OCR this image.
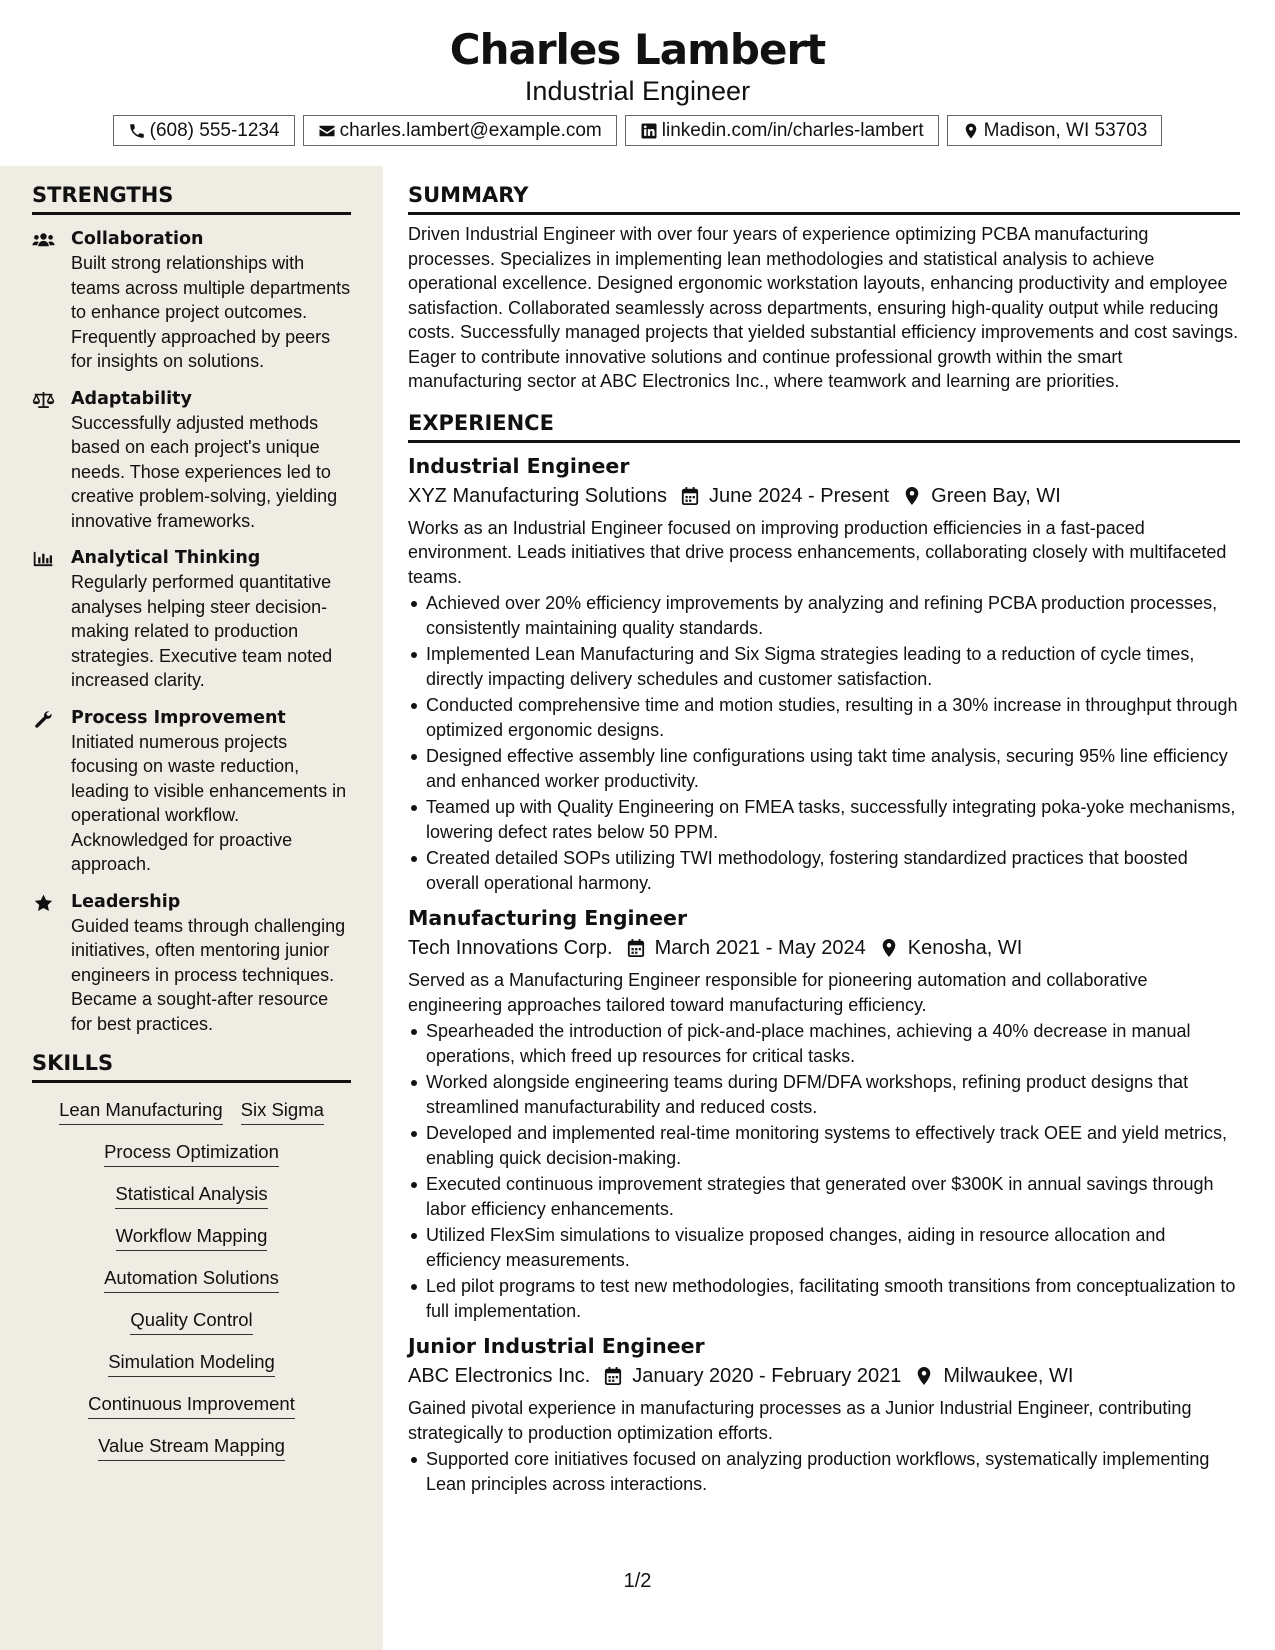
Charles Lambert
Industrial Engineer
(608) 555-1234	charles.lambert@example.com	linkedin.com/in/charles-lambert	Madison, WI 53703
STRENGTHS
Collaboration
Built strong relationships with teams across multiple departments to enhance project outcomes. Frequently approached by peers for insights on solutions.
Adaptability
Successfully adjusted methods based on each project's unique needs. Those experiences led to creative problem-solving, yielding innovative frameworks.
Analytical Thinking
Regularly performed quantitative analyses helping steer decision-making related to production strategies. Executive team noted increased clarity.
Process Improvement
Initiated numerous projects focusing on waste reduction, leading to visible enhancements in operational workflow. Acknowledged for proactive approach.
Leadership
Guided teams through challenging initiatives, often mentoring junior engineers in process techniques. Became a sought-after resource for best practices.
SKILLS
Lean Manufacturing Six Sigma
Process Optimization
Statistical Analysis
Workflow Mapping
Automation Solutions
Quality Control
Simulation Modeling
Continuous Improvement
Value Stream Mapping
SUMMARY
Driven Industrial Engineer with over four years of experience optimizing PCBA manufacturing processes. Specializes in implementing lean methodologies and statistical analysis to achieve operational excellence. Designed ergonomic workstation layouts, enhancing productivity and employee satisfaction. Collaborated seamlessly across departments, ensuring high-quality output while reducing costs. Successfully managed projects that yielded substantial efficiency improvements and cost savings. Eager to contribute innovative solutions and continue professional growth within the smart manufacturing sector at ABC Electronics Inc., where teamwork and learning are priorities.
EXPERIENCE
Industrial Engineer
XYZ Manufacturing Solutions June 2024 - Present Green Bay, WI
Works as an Industrial Engineer focused on improving production efficiencies in a fast-paced environment. Leads initiatives that drive process enhancements, collaborating closely with multifaceted teams.
Achieved over 20% efficiency improvements by analyzing and refining PCBA production processes, consistently maintaining quality standards.
Implemented Lean Manufacturing and Six Sigma strategies leading to a reduction of cycle times, directly impacting delivery schedules and customer satisfaction.
Conducted comprehensive time and motion studies, resulting in a 30% increase in throughput through optimized ergonomic designs.
Designed effective assembly line configurations using takt time analysis, securing 95% line efficiency and enhanced worker productivity.
Teamed up with Quality Engineering on FMEA tasks, successfully integrating poka-yoke mechanisms, lowering defect rates below 50 PPM.
Created detailed SOPs utilizing TWI methodology, fostering standardized practices that boosted overall operational harmony.
Manufacturing Engineer
Tech Innovations Corp. March 2021 - May 2024 Kenosha, WI
Served as a Manufacturing Engineer responsible for pioneering automation and collaborative engineering approaches tailored toward manufacturing efficiency.
Spearheaded the introduction of pick-and-place machines, achieving a 40% decrease in manual operations, which freed up resources for critical tasks.
Worked alongside engineering teams during DFM/DFA workshops, refining product designs that streamlined manufacturability and reduced costs.
Developed and implemented real-time monitoring systems to effectively track OEE and yield metrics, enabling quick decision-making.
Executed continuous improvement strategies that generated over $300K in annual savings through labor efficiency enhancements.
Utilized FlexSim simulations to visualize proposed changes, aiding in resource allocation and efficiency measurements.
Led pilot programs to test new methodologies, facilitating smooth transitions from conceptualization to full implementation.
Junior Industrial Engineer
ABC Electronics Inc. January 2020 - February 2021 Milwaukee, WI
Gained pivotal experience in manufacturing processes as a Junior Industrial Engineer, contributing strategically to production optimization efforts.
Supported core initiatives focused on analyzing production workflows, systematically implementing Lean principles across interactions.
1/2
